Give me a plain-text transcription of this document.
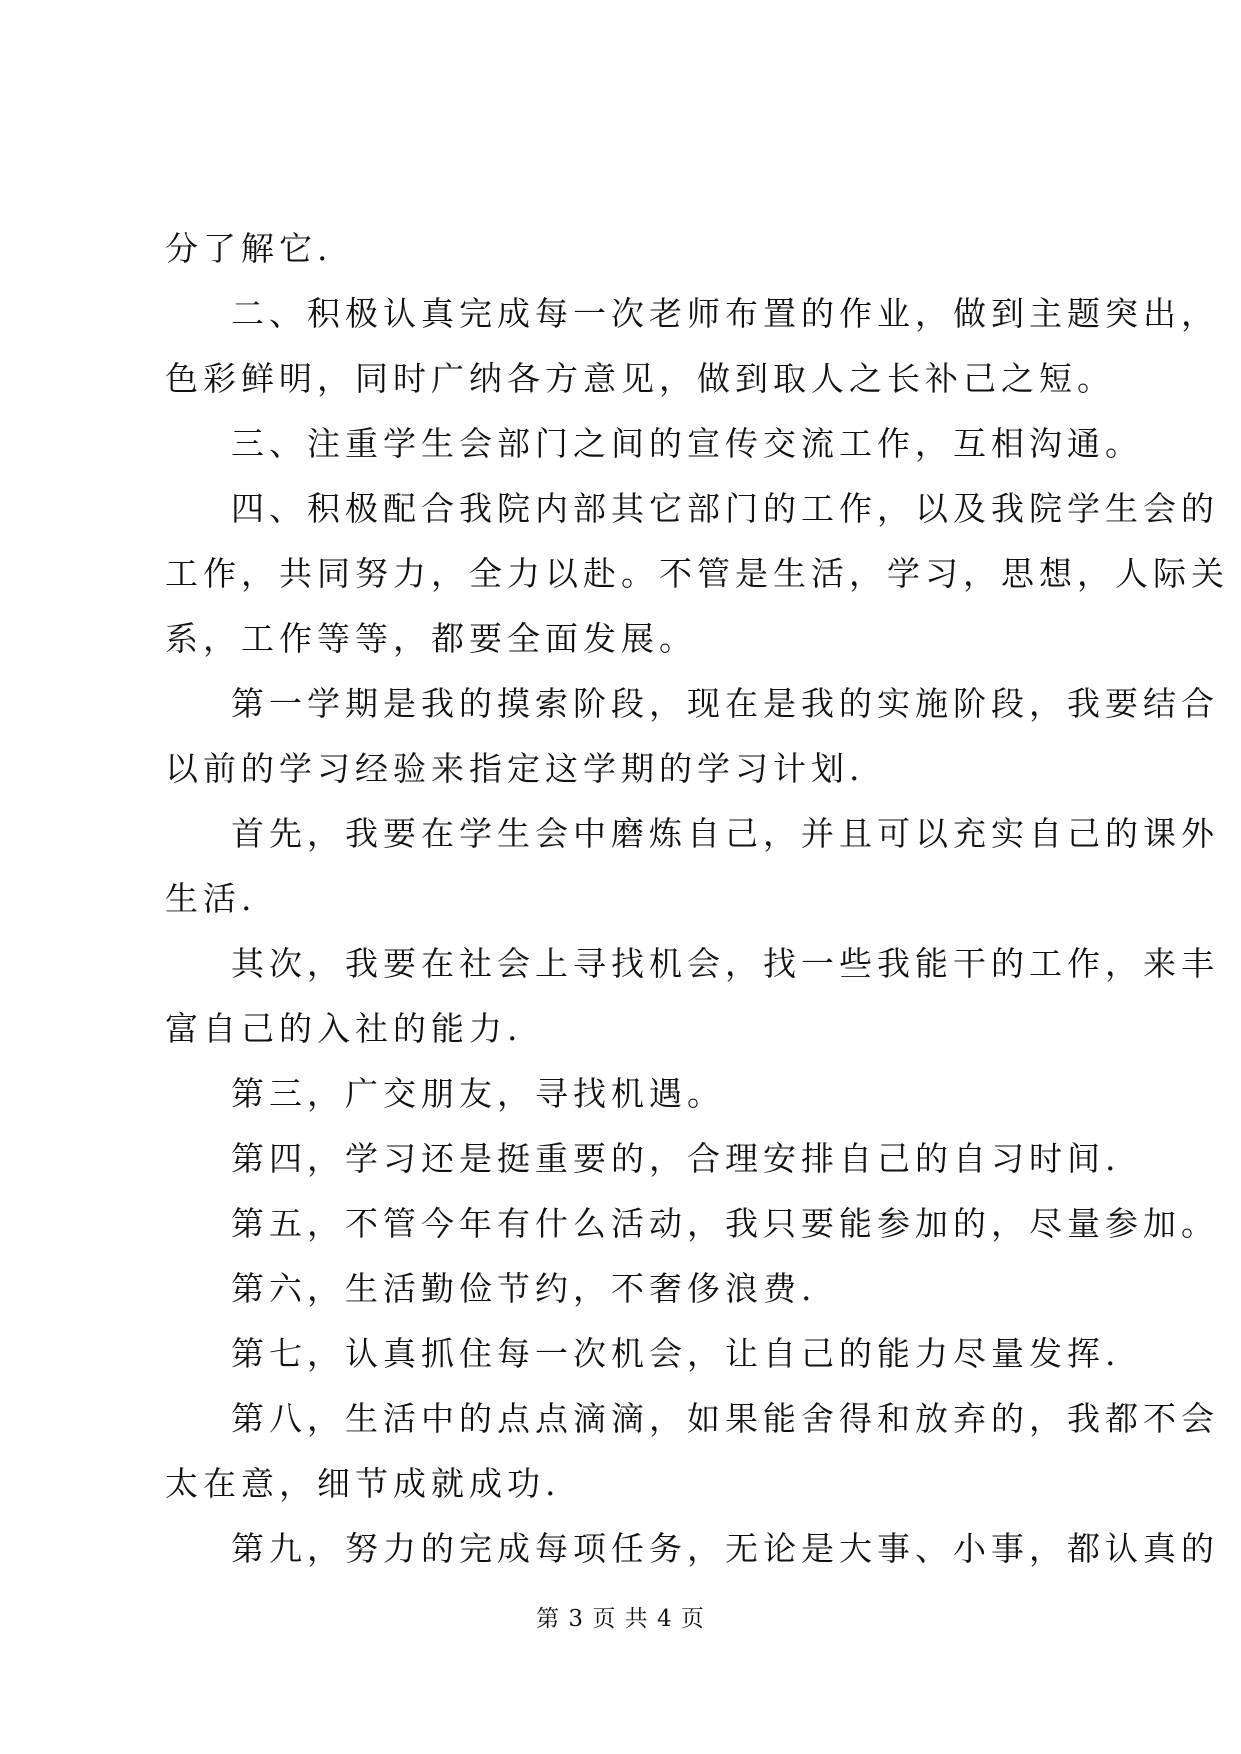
分了解它.

二、积极认真完成每一次老师布置的作业，做到主题突出，

色彩鲜明，同时广纳各方意见，做到取人之长补己之短。

三、注重学生会部门之间的宣传交流工作，互相沟通。

四、积极配合我院内部其它部门的工作，以及我院学生会的

工作，共同努力，全力以赴。不管是生活，学习，思想，人际关

系，工作等等，都要全面发展。

第一学期是我的摸索阶段，现在是我的实施阶段，我要结合

以前的学习经验来指定这学期的学习计划.

首先，我要在学生会中磨炼自己，并且可以充实自己的课外

生活.

其次，我要在社会上寻找机会，找一些我能干的工作，来丰

富自己的入社的能力.

第三，广交朋友，寻找机遇。

第四，学习还是挺重要的，合理安排自己的自习时间.

第五，不管今年有什么活动，我只要能参加的，尽量参加。

第六，生活勤俭节约，不奢侈浪费.

第七，认真抓住每一次机会，让自己的能力尽量发挥.

第八，生活中的点点滴滴，如果能舍得和放弃的，我都不会

太在意，细节成就成功.

第九，努力的完成每项任务，无论是大事、小事，都认真的

第 3 页 共 4 页
